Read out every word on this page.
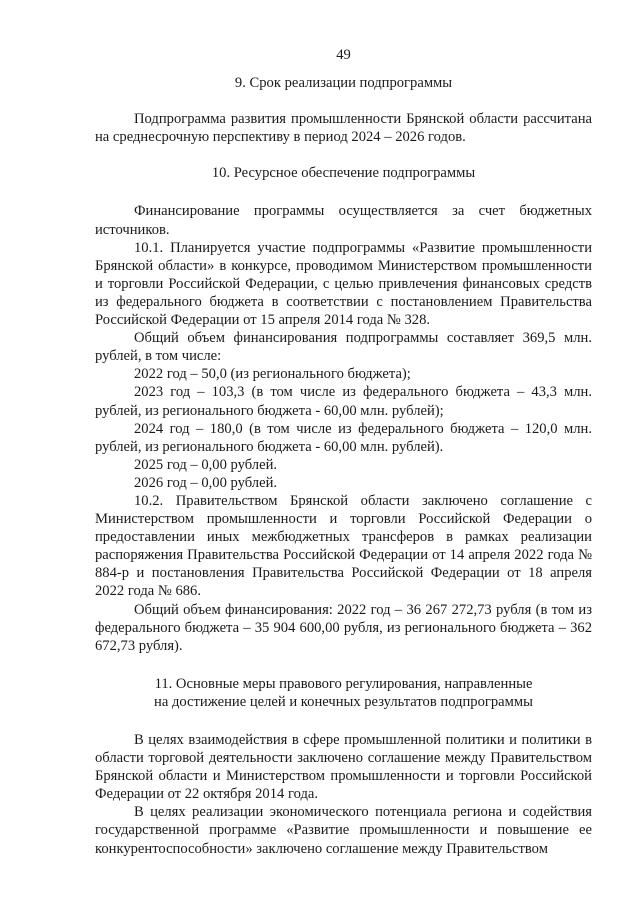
49
9. Срок реализации подпрограммы

Подпрограмма развития промышленности Брянской области рассчитана на среднесрочную перспективу в период 2024 – 2026 годов.

10. Ресурсное обеспечение подпрограммы

Финансирование программы осуществляется за счет бюджетных источников.

10.1. Планируется участие подпрограммы «Развитие промышленности Брянской области» в конкурсе, проводимом Министерством промышленности и торговли Российской Федерации, с целью привлечения финансовых средств из федерального бюджета в соответствии с постановлением Правительства Российской Федерации от 15 апреля 2014 года № 328.

Общий объем финансирования подпрограммы составляет 369,5 млн. рублей, в том числе:

2022 год – 50,0 (из регионального бюджета);

2023 год – 103,3 (в том числе из федерального бюджета – 43,3 млн. рублей, из регионального бюджета - 60,00 млн. рублей);

2024 год – 180,0 (в том числе из федерального бюджета – 120,0 млн. рублей, из регионального бюджета - 60,00 млн. рублей).

2025 год – 0,00 рублей.

2026 год – 0,00 рублей.

10.2. Правительством Брянской области заключено соглашение с Министерством промышленности и торговли Российской Федерации о предоставлении иных межбюджетных трансферов в рамках реализации распоряжения Правительства Российской Федерации от 14 апреля 2022 года № 884-р и постановления Правительства Российской Федерации от 18 апреля 2022 года № 686.

Общий объем финансирования: 2022 год – 36 267 272,73 рубля (в том из федерального бюджета – 35 904 600,00 рубля, из регионального бюджета – 362 672,73 рубля).

11. Основные меры правового регулирования, направленные
на достижение целей и конечных результатов подпрограммы

В целях взаимодействия в сфере промышленной политики и политики в области торговой деятельности заключено соглашение между Правительством Брянской области и Министерством промышленности и торговли Российской Федерации от 22 октября 2014 года.

В целях реализации экономического потенциала региона и содействия государственной программе «Развитие промышленности и повышение ее конкурентоспособности» заключено соглашение между Правительством
